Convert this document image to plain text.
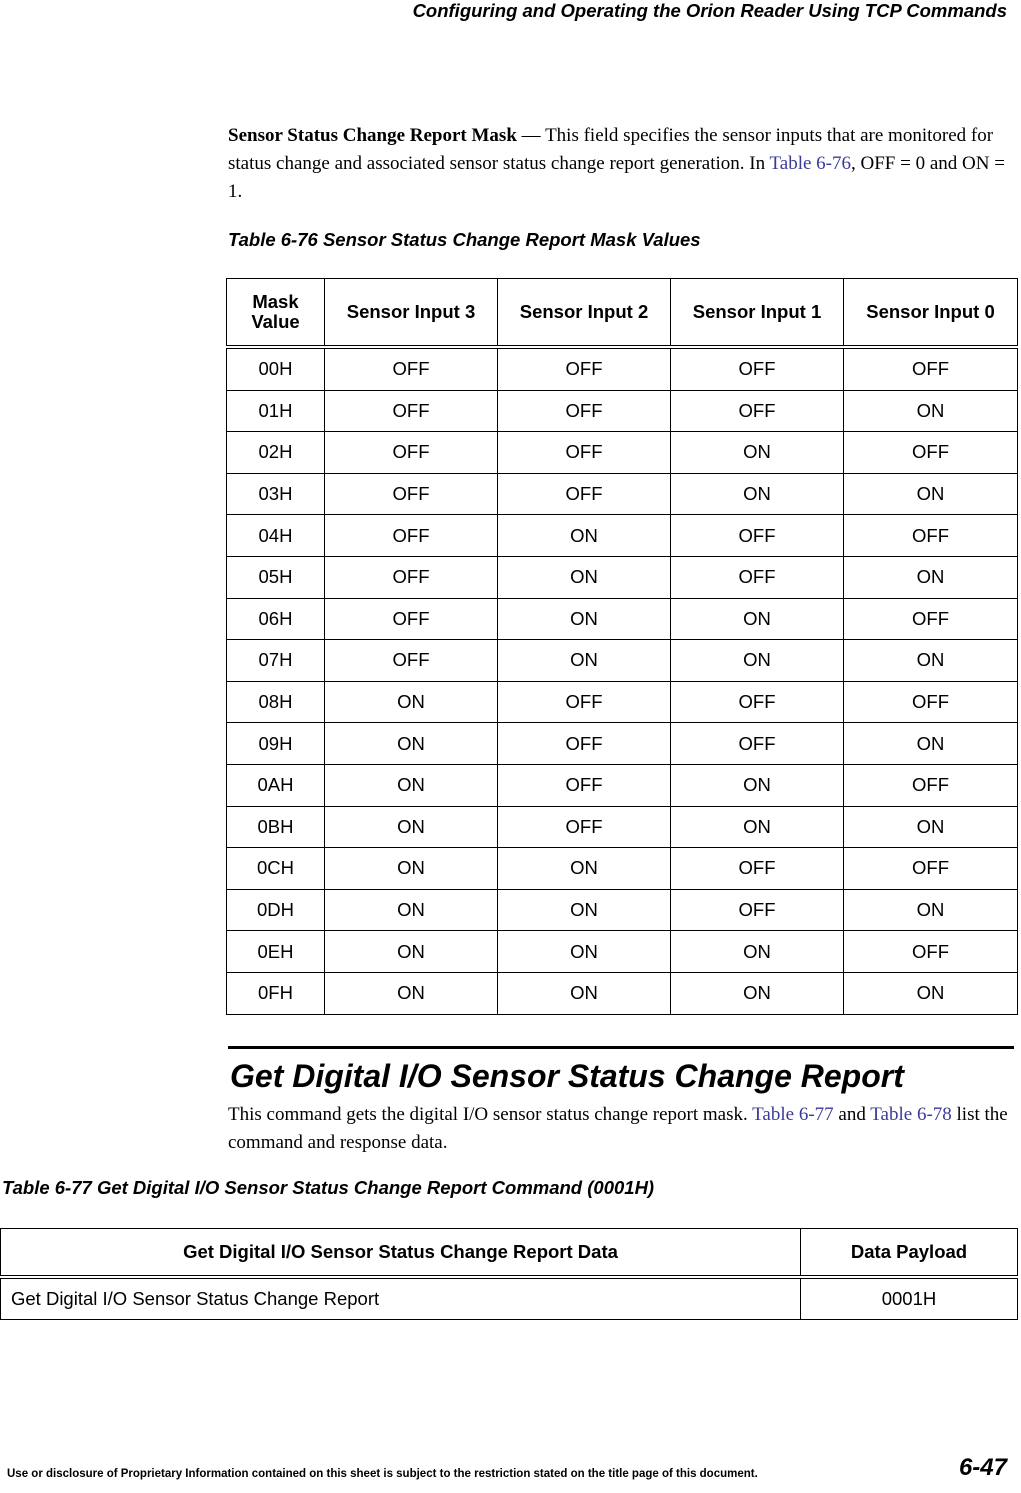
Configuring and Operating the Orion Reader Using TCP Commands

Sensor Status Change Report Mask — This field specifies the sensor inputs that are monitored for status change and associated sensor status change report generation. In Table 6-76, OFF = 0 and ON = 1.

Table 6-76 Sensor Status Change Report Mask Values
Mask
Value	Sensor Input 3	Sensor Input 2	Sensor Input 1	Sensor Input 0
00H	OFF	OFF	OFF	OFF
01H	OFF	OFF	OFF	ON
02H	OFF	OFF	ON	OFF
03H	OFF	OFF	ON	ON
04H	OFF	ON	OFF	OFF
05H	OFF	ON	OFF	ON
06H	OFF	ON	ON	OFF
07H	OFF	ON	ON	ON
08H	ON	OFF	OFF	OFF
09H	ON	OFF	OFF	ON
0AH	ON	OFF	ON	OFF
0BH	ON	OFF	ON	ON
0CH	ON	ON	OFF	OFF
0DH	ON	ON	OFF	ON
0EH	ON	ON	ON	OFF
0FH	ON	ON	ON	ON
Get Digital I/O Sensor Status Change Report

This command gets the digital I/O sensor status change report mask. Table 6-77 and Table 6-78 list the command and response data.

Table 6-77 Get Digital I/O Sensor Status Change Report Command (0001H)
Get Digital I/O Sensor Status Change Report Data	Data Payload
Get Digital I/O Sensor Status Change Report	0001H
Use or disclosure of Proprietary Information contained on this sheet is subject to the restriction stated on the title page of this document.	6-47
